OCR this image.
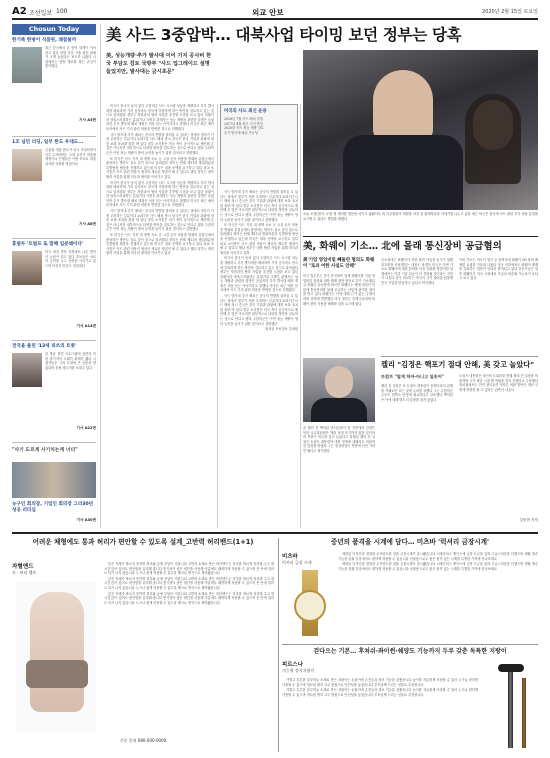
A2 조선일보 100	외교 안보	2020년 2월 15일 토요일
Chosun Today
한기족 한방이 식품판, 쾌참물까
최근 중국에서 온 방역 대책이 이어지고 있다 한방 건강 식품 관련 판매가 크게 늘었다는 보도가 나왔다 시장에서는 한방 재료를 찾는 손님이 많아졌다
기사 A3면
1조 넘던 리딩, 일부 한도 우대도...
금융권 대출 한도가 다시 조정되면서 일부 고객에게는 우대 조건이 적용될 예정이다 은행들은 이번 조치로 대출 심사를 강화할 방침이다
기사 A8면
홍범두 '트럼프 또 말해 입분쾌이다'
미국 대선 경선 과정에서 나온 발언이 논란이 되고 있다 후보들은 서로의 공약을 두고 공방을 이어가고 있으며 여론의 반응도 엇갈린다
기사 A14면
전국을 울린 '13세 피쓰의 트롯'
한 방송 경연 프로그램에 출연한 어린 참가자의 노래가 화제가 됐다 시청자들은 그의 무대에 큰 감동을 받았다며 응원 메시지를 보내고 있다
기사 A22면
"사기 도르게 사기치는게 너더"
농구인 회의장, 기업인 회의장 그리30년 성공 리더십
기사 A30면
美 사드 3중압박… 대북사업 타이밍 보던 정부는 당혹
美, 성능개량·추가 발사대 이어 기지 공사비 한국 부담도 검토 국방부 "사드 업그레이드 설명 들었지만, 발사대는 금시초문"

미국이 한국이 동의 없이 주한미군 사드 시스템 성능을 개량하고 추가 발사대를 배치하며 기지 공사비도 한국에 부담하게 하는 방안을 검토하고 있는 것으로 알려졌다 정부는 북한과의 협력 사업을 추진할 시점을 보고 있던 상황이라 당혹스러워하는 분위기다 국방부 관계자는 성능 개량과 관련한 설명은 들었지만 추가 발사대 배치 계획은 처음 듣는 이야기라고 말했다 미국은 최근 예산 문서에서 사드 기지 관련 비용을 반영한 것으로 전해졌다

사드 발사대 추가 배치는 중국의 반발을 불러올 수 있다는 점에서 정부가 가장 우려하는 부분이다 2017년 사드 배치 당시 중국은 한국 기업과 관광에 대한 보복 조치를 취한 바 있다 정부 소식통은 미국 측이 공식적으로 제안해 온 것은 아니지만 내부적으로 다양한 방안을 검토하는 것으로 안다고 했다 주한미군은 이번 성능 개량이 방어 능력을 높이기 위한 것이라고 설명했다

또 미국은 사드 기지 내 장병 숙소 등 시설 공사 비용을 방위비 분담금에서 충당하는 방안도 검토 중인 것으로 알려졌다 한미는 현재 제11차 방위비분담 특별협정 협상을 진행하고 있는데 미국은 대폭 증액을 요구하고 있다 외교 소식통은 사드 관련 비용이 협상의 새로운 쟁점이 될 수 있다고 했다 정부는 대북 협력 사업을 위해 미국과 협의를 이어가고 있다

미국이 한국이 동의 없이 주한미군 사드 시스템 성능을 개량하고 추가 발사대를 배치하며 기지 공사비도 한국에 부담하게 하는 방안을 검토하고 있는 것으로 알려졌다 정부는 북한과의 협력 사업을 추진할 시점을 보고 있던 상황이라 당혹스러워하는 분위기다 국방부 관계자는 성능 개량과 관련한 설명은 들었지만 추가 발사대 배치 계획은 처음 듣는 이야기라고 말했다 미국은 최근 예산 문서에서 사드 기지 관련 비용을 반영한 것으로 전해졌다

사드 발사대 추가 배치는 중국의 반발을 불러올 수 있다는 점에서 정부가 가장 우려하는 부분이다 2017년 사드 배치 당시 중국은 한국 기업과 관광에 대한 보복 조치를 취한 바 있다 정부 소식통은 미국 측이 공식적으로 제안해 온 것은 아니지만 내부적으로 다양한 방안을 검토하는 것으로 안다고 했다 주한미군은 이번 성능 개량이 방어 능력을 높이기 위한 것이라고 설명했다

또 미국은 사드 기지 내 장병 숙소 등 시설 공사 비용을 방위비 분담금에서 충당하는 방안도 검토 중인 것으로 알려졌다 한미는 현재 제11차 방위비분담 특별협정 협상을 진행하고 있는데 미국은 대폭 증액을 요구하고 있다 외교 소식통은 사드 관련 비용이 협상의 새로운 쟁점이 될 수 있다고 했다 정부는 대북 협력 사업을 위해 미국과 협의를 이어가고 있다

미국의 사드 최신 운용
2016년 7월 사드 배치 결정
2017년 4월 성주 기지 반입
2020년 사드 성능 개량 검토
추가 발사대 배치 가능성

사드 발사대 추가 배치는 중국의 반발을 불러올 수 있다는 점에서 정부가 가장 우려하는 부분이다 2017년 사드 배치 당시 중국은 한국 기업과 관광에 대한 보복 조치를 취한 바 있다 정부 소식통은 미국 측이 공식적으로 제안해 온 것은 아니지만 내부적으로 다양한 방안을 검토하는 것으로 안다고 했다 주한미군은 이번 성능 개량이 방어 능력을 높이기 위한 것이라고 설명했다

또 미국은 사드 기지 내 장병 숙소 등 시설 공사 비용을 방위비 분담금에서 충당하는 방안도 검토 중인 것으로 알려졌다 한미는 현재 제11차 방위비분담 특별협정 협상을 진행하고 있는데 미국은 대폭 증액을 요구하고 있다 외교 소식통은 사드 관련 비용이 협상의 새로운 쟁점이 될 수 있다고 했다 정부는 대북 협력 사업을 위해 미국과 협의를 이어가고 있다

미국이 한국이 동의 없이 주한미군 사드 시스템 성능을 개량하고 추가 발사대를 배치하며 기지 공사비도 한국에 부담하게 하는 방안을 검토하고 있는 것으로 알려졌다 정부는 북한과의 협력 사업을 추진할 시점을 보고 있던 상황이라 당혹스러워하는 분위기다 국방부 관계자는 성능 개량과 관련한 설명은 들었지만 추가 발사대 배치 계획은 처음 듣는 이야기라고 말했다 미국은 최근 예산 문서에서 사드 기지 관련 비용을 반영한 것으로 전해졌다

사드 발사대 추가 배치는 중국의 반발을 불러올 수 있다는 점에서 정부가 가장 우려하는 부분이다 2017년 사드 배치 당시 중국은 한국 기업과 관광에 대한 보복 조치를 취한 바 있다 정부 소식통은 미국 측이 공식적으로 제안해 온 것은 아니지만 내부적으로 다양한 방안을 검토하는 것으로 안다고 했다 주한미군은 이번 성능 개량이 방어 능력을 높이기 위한 것이라고 설명했다

워싱턴 조선일보 특파원

오늘 오전(현지 시각) 영 세어를 방문한 마이크 폼페이오 미 국무장관이 회담을 마친 뒤 관계자들과 이야기를 나누고 있다 최근 미국은 한국에 사드 관련 추가 비용 분담을 요구할 수 있다는 방침을 밝혔다
美, 화웨이 기소… 北에 몰래 통신장비 공급혐의
美'기업 영업비밀 빼돌린 혐의도 화웨이 "로과 어한 사실도 안해"
미국 법무부는 중국 통신장비 업체 화웨이를 기업 영업비밀 절취와 대북 제재 위반 혐의로 추가 기소했다고 밝혔다 공소장에 따르면 화웨이는 제재 대상인 북한에 통신장비를 몰래 공급하는 사업에 관여한 혐의를 받고 있다 화웨이는 이에 대해 근거 없는 주장이라며 강하게 반발했다 미국 정부는 동맹국들에게 화웨이 장비 사용을 배제할 것을 요구해 왔다
공소장에는 화웨이가 북한 관련 사업을 숨기기 위해 암호명을 사용했다는 내용도 담겼다 미국은 이번 기소로 화웨이에 대한 압박을 더욱 강화할 방침이다 업계에서는 미중 기술 갈등이 더 격화될 것이라는 전망이 나온다 중국 외교부는 미국이 국가 권력을 남용해 중국 기업을 탄압하고 있다고 비난했다
이번 기소는 미국이 영국 등 동맹국에 화웨이 5G 장비 배제를 요청한 가운데 나왔다 미국 의회에서도 화웨이 제재를 강화하는 법안이 잇따라 발의되고 있다 전문가들은 향후 화웨이가 미국 시장에서 사실상 퇴출될 가능성이 높다고 보고 있다
켈리 "김정은 핵포기 절대 안해, 美 갖고 놀았다"
트럼프 "빌게 하자·아니고 일송어"
존 켈리 전 백악관 비서실장이 한 강연에서 김정은 북한 국무위원장은 핵을 절대 포기하지 않을 것이라며 북한이 미국을 갖고 놀았다고 말했다 켈리 전 실장은 트럼프 대통령의 대북 정책에 대해서도 비판적인 입장을 밝혔다 그는 정상회담이 북한에 선전 기회만 줬다고 평가했다
켈리 전 실장은 또 트럼프 대통령이 동맹국과의 관계를 거래로만 보는 것에 우려를 표했다 그는 주한미군 주둔이 한반도 안정에 필요하다고 강조했다 백악관은 이에 대해 별도의 입장을 내지 않았다
트럼프 대통령은 자신의 트위터를 통해 켈리 전 실장을 비판하며 그가 재임 시절 제 역할을 하지 못했다고 주장했다 정치권에서는 전직 참모들의 잇따른 비판 발언이 대선 국면에 영향을 줄 수 있다는 관측이 나온다
김동현 기자
어려운 체형에도 통과 허리가 편안할 수 있도록 설계_고반력 허리밴드(1+1)
자혈앤드
등 · 허리 밸트

앉은 자세가 바르지 못하면 허리와 등에 부담이 커집니다 고반력 소재로 만든 허리밴드는 척추를 바르게 지지해 주고 장시간 앉아 있어도 편안함을 유지해 줍니다 통기성이 좋은 원단을 사용해 여름에도 쾌적하게 착용할 수 있으며 옷 안에 입어도 티가 나지 않습니다 누구나 쉽게 착용할 수 있도록 벨크로 방식으로 제작됐습니다

앉은 자세가 바르지 못하면 허리와 등에 부담이 커집니다 고반력 소재로 만든 허리밴드는 척추를 바르게 지지해 주고 장시간 앉아 있어도 편안함을 유지해 줍니다 통기성이 좋은 원단을 사용해 여름에도 쾌적하게 착용할 수 있으며 옷 안에 입어도 티가 나지 않습니다 누구나 쉽게 착용할 수 있도록 벨크로 방식으로 제작됐습니다

앉은 자세가 바르지 못하면 허리와 등에 부담이 커집니다 고반력 소재로 만든 허리밴드는 척추를 바르게 지지해 주고 장시간 앉아 있어도 편안함을 유지해 줍니다 통기성이 좋은 원단을 사용해 여름에도 쾌적하게 착용할 수 있으며 옷 안에 입어도 티가 나지 않습니다 누구나 쉽게 착용할 수 있도록 벨크로 방식으로 제작됐습니다

주문 문의 080-000-0000
중년의 품격을 시계에 담다… 미츠바 '럭셔리 금장시계'
미츠바
럭셔리 금장 시계

세련된 디자인과 정밀한 무브먼트를 갖춘 금장시계가 출시됐습니다 스테인리스 케이스에 금장 도금을 입혀 고급스러움을 더했으며 생활 방수 기능을 갖춰 일상에서도 편하게 착용할 수 있습니다 선물용으로도 좋은 품격 있는 시계를 특별한 가격에 만나보세요

세련된 디자인과 정밀한 무브먼트를 갖춘 금장시계가 출시됐습니다 스테인리스 케이스에 금장 도금을 입혀 고급스러움을 더했으며 생활 방수 기능을 갖춰 일상에서도 편하게 착용할 수 있습니다 선물용으로도 좋은 품격 있는 시계를 특별한 가격에 만나보세요

걷다으는 기본… 후쳐쉬·좌이쒼·쉐양도 기능까지 두루 갖춘 독특한 지팡이
피르스나
지능형 정지지팡이

가볍고 튼튼한 알루미늄 소재로 만든 지팡이는 손잡이에 손전등과 경보 기능을 갖췄습니다 높이를 자유롭게 조절할 수 있어 누구나 편하게 사용할 수 있으며 미끄럼 방지 고무 받침으로 안전성을 높였습니다 부모님께 드리는 선물로 추천합니다

가볍고 튼튼한 알루미늄 소재로 만든 지팡이는 손잡이에 손전등과 경보 기능을 갖췄습니다 높이를 자유롭게 조절할 수 있어 누구나 편하게 사용할 수 있으며 미끄럼 방지 고무 받침으로 안전성을 높였습니다 부모님께 드리는 선물로 추천합니다
